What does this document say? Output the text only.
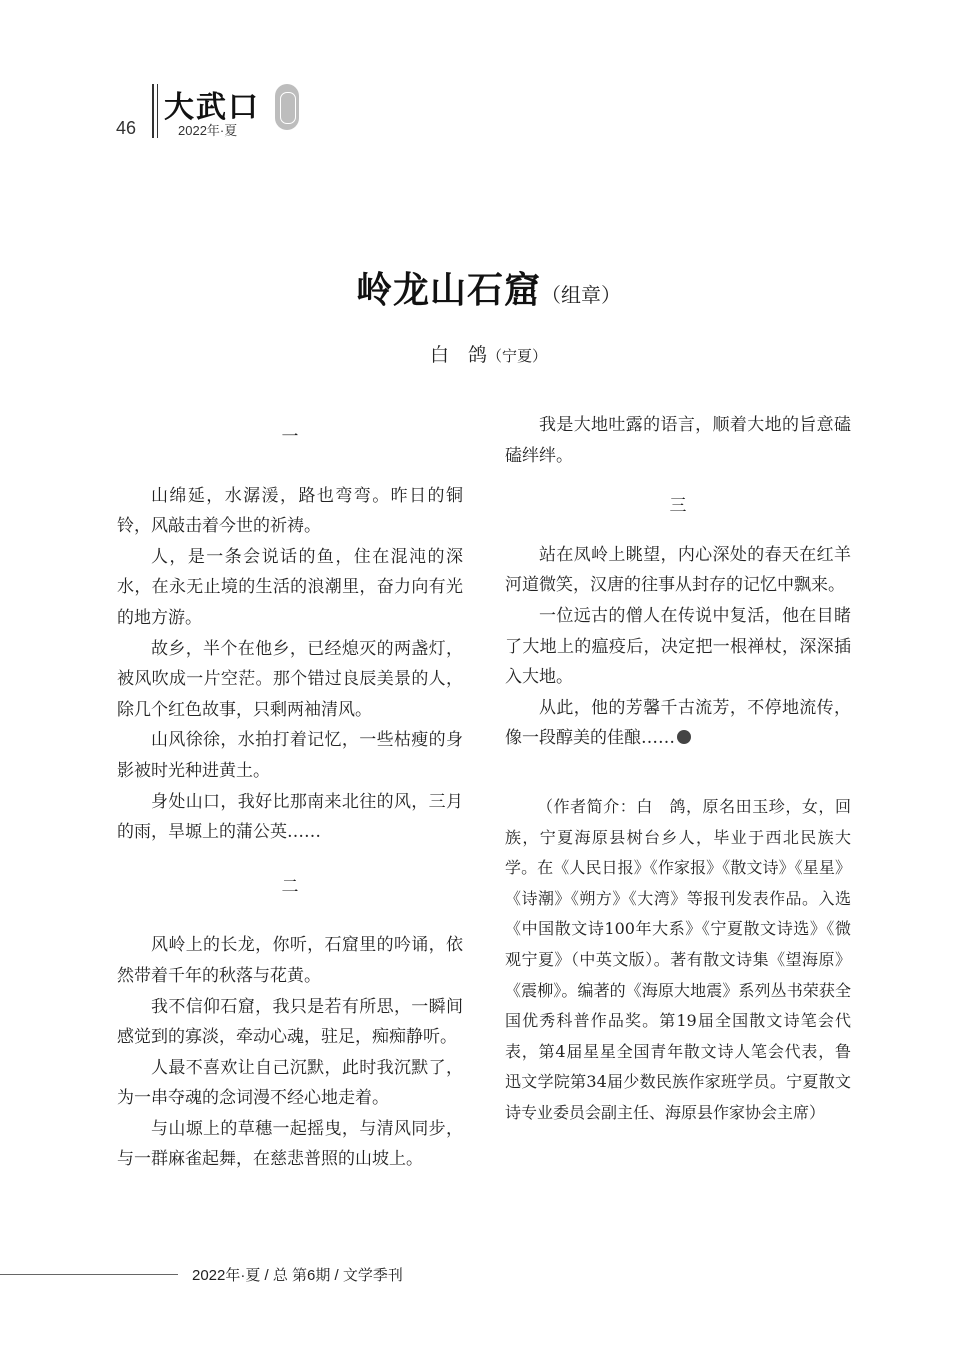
46
大武口
2022年·夏
岭龙山石窟（组章）
白　鸽（宁夏）
一

山绵延，水潺湲，路也弯弯。昨日的铜铃，风敲击着今世的祈祷。

人，是一条会说话的鱼，住在混沌的深水，在永无止境的生活的浪潮里，奋力向有光的地方游。

故乡，半个在他乡，已经熄灭的两盏灯，被风吹成一片空茫。那个错过良辰美景的人，除几个红色故事，只剩两袖清风。

山风徐徐，水拍打着记忆，一些枯瘦的身影被时光种进黄土。

身处山口，我好比那南来北往的风，三月的雨，旱塬上的蒲公英……

二

风岭上的长龙，你听，石窟里的吟诵，依然带着千年的秋落与花黄。

我不信仰石窟，我只是若有所思，一瞬间感觉到的寡淡，牵动心魂，驻足，痴痴静听。

人最不喜欢让自己沉默，此时我沉默了，为一串夺魂的念词漫不经心地走着。

与山塬上的草穗一起摇曳，与清风同步，与一群麻雀起舞，在慈悲普照的山坡上。

我是大地吐露的语言，顺着大地的旨意磕磕绊绊。

三

站在凤岭上眺望，内心深处的春天在红羊河道微笑，汉唐的往事从封存的记忆中飘来。

一位远古的僧人在传说中复活，他在目睹了大地上的瘟疫后，决定把一根禅杖，深深插入大地。

从此，他的芳馨千古流芳，不停地流传，像一段醇美的佳酿……

（作者简介：白　鸽，原名田玉珍，女，回族，宁夏海原县树台乡人，毕业于西北民族大学。在《人民日报》《作家报》《散文诗》《星星》《诗潮》《朔方》《大湾》等报刊发表作品。入选《中国散文诗100年大系》《宁夏散文诗选》《微观宁夏》（中英文版）。著有散文诗集《望海原》《震柳》。编著的《海原大地震》系列丛书荣获全国优秀科普作品奖。第19届全国散文诗笔会代表，第4届星星全国青年散文诗人笔会代表，鲁迅文学院第34届少数民族作家班学员。宁夏散文诗专业委员会副主任、海原县作家协会主席）
2022年·夏 / 总 第6期 / 文学季刊
